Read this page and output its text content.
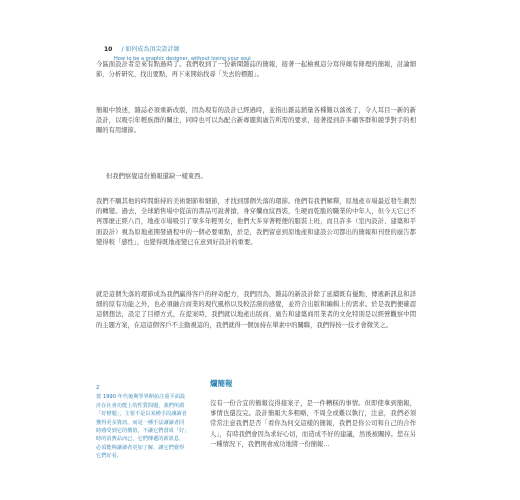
10 / 如何成為頂尖設計師
How to be a graphic designer, without losing your soul
今區面設計者是來有點過時了。我們收到了一份新聞雜誌的簡報，接著一起檢視這分寫得頗有條理的簡報，討論細節、分析研究、找出要點，再下來開始找尋「失去的標題」。
簡報中敘述，雜誌必須重新改版，因為現有的設計已經過時，並指出雜誌銷量各種難以落後了，令人耳目一新的新設計，以吸引年輕族群的關注，同時也可以為配合新專題與廣告所需的要求，接著提到許多顧客群和競爭對手的相關的有用細節。
但我們察覺這份簡報還缺一樣東西。
我們不願其他的時間維持的美術細節和細節，才找到那個失落的環節。他們有我們解釋，原地產市場最近發生劇烈的轉變。過去，全球銷售場中從前的書品可說著搶，身穿爛血紋西裝，生硬而乾脆的職業的中年人，但今天它已不再那麼正經八百，地產市場吸引了眾多年輕男女，他們大多穿著輕便的服裝上班，而且許多（室內設計、建築和平面設計）視為原地產開發過程中的一個必要重點，於是，我們留意到原地產和建設公司都出的簡報和刊登的廣告都變得較「感性」，也變得既地產變已在意到好設計的重要。
就是這個失落的環節成為我們贏得客戶的秤奇配方，我們因為，雜誌的新設計除了延續既有優點、傳遞新訊息和詳細的原有功能之外，也必須融合商業的現代風格以及較活潑的感覺，並符合出版和編輯上的需求。於是我們便確認這個想法，設定了目標方式，在提案時，我們就以地產出版商、廣告和建築商用業者的文化特別是以經營觀察中間的主題方案，在這這個客戶不主動視這的，我們就得一個加持在單素中的關聯，我們得按一技才會微笑之。
2
當 1990 年代後期學界開始注重平面設計在社會功能上的性質問題，我們所謂「好標題」，主要不是以某種手段讓讀者獲得更多資訊，而是一種手法讓讀者同時感受到它的價值，不讓它們當成「好」時的消費品而已，它們傳遞的新訊息，必須能夠讓讀者更加了解，讓它們覺得它們好看。
爛簡報
沒有一份合宜的簡報沒得接案子，是一件糟糕的事情。但即使拿到簡報，事情也還沒完。設計簡報大多粗略，不周全或難以執行，注意，我們必須常常注意我們是否「看你為何交這樣的簡報，我們是你公司和自己的合作人」，有時我們會因為求好心切，而造成不好的建議，然後被關掉。您在另一種情況下，我們則會成功地將一份簡報...
